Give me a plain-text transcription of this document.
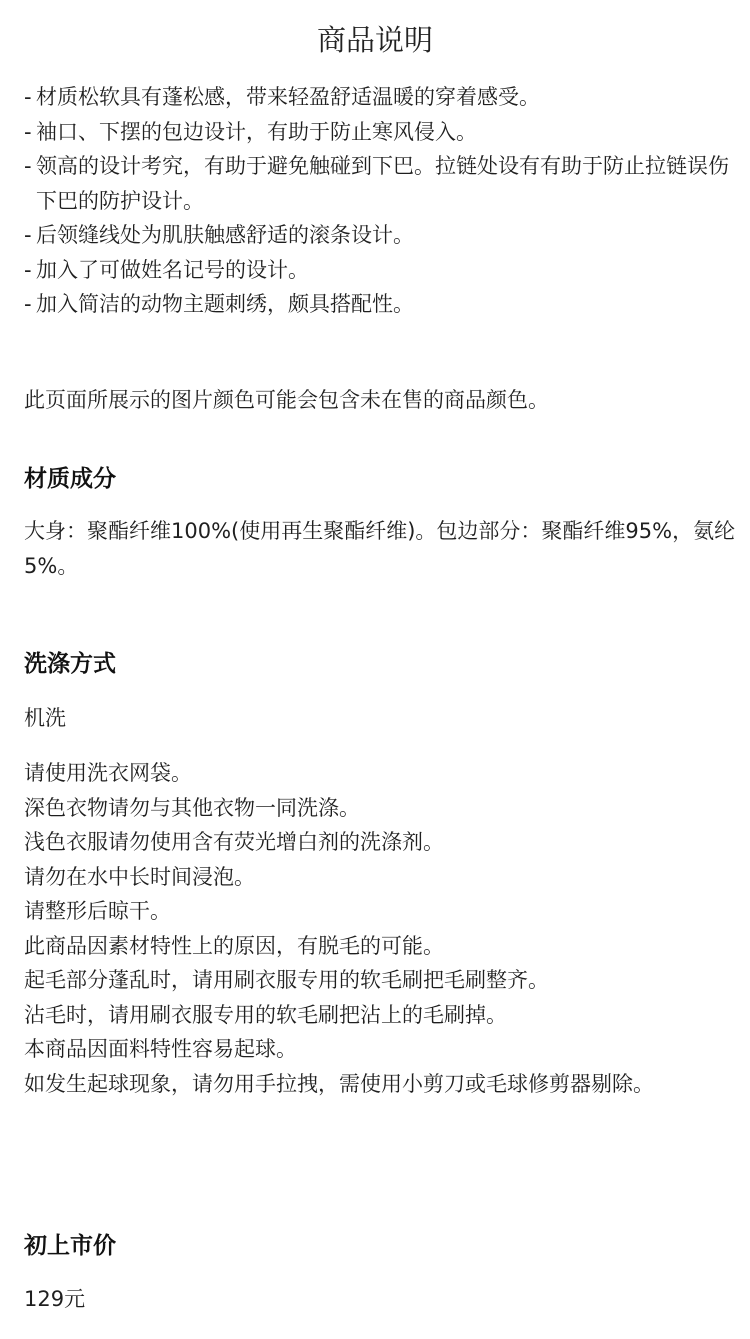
商品说明
- 材质松软具有蓬松感，带来轻盈舒适温暖的穿着感受。
- 袖口、下摆的包边设计，有助于防止寒风侵入。
- 领高的设计考究，有助于避免触碰到下巴。拉链处设有有助于防止拉链误伤下巴的防护设计。
- 后领缝线处为肌肤触感舒适的滚条设计。
- 加入了可做姓名记号的设计。
- 加入简洁的动物主题刺绣，颇具搭配性。
此页面所展示的图片颜色可能会包含未在售的商品颜色。
材质成分
大身：聚酯纤维100%(使用再生聚酯纤维)。包边部分：聚酯纤维95%，氨纶5%。
洗涤方式
机洗
请使用洗衣网袋。
深色衣物请勿与其他衣物一同洗涤。
浅色衣服请勿使用含有荧光增白剂的洗涤剂。
请勿在水中长时间浸泡。
请整形后晾干。
此商品因素材特性上的原因，有脱毛的可能。
起毛部分蓬乱时，请用刷衣服专用的软毛刷把毛刷整齐。
沾毛时，请用刷衣服专用的软毛刷把沾上的毛刷掉。
本商品因面料特性容易起球。
如发生起球现象，请勿用手拉拽，需使用小剪刀或毛球修剪器剔除。
初上市价
129元
